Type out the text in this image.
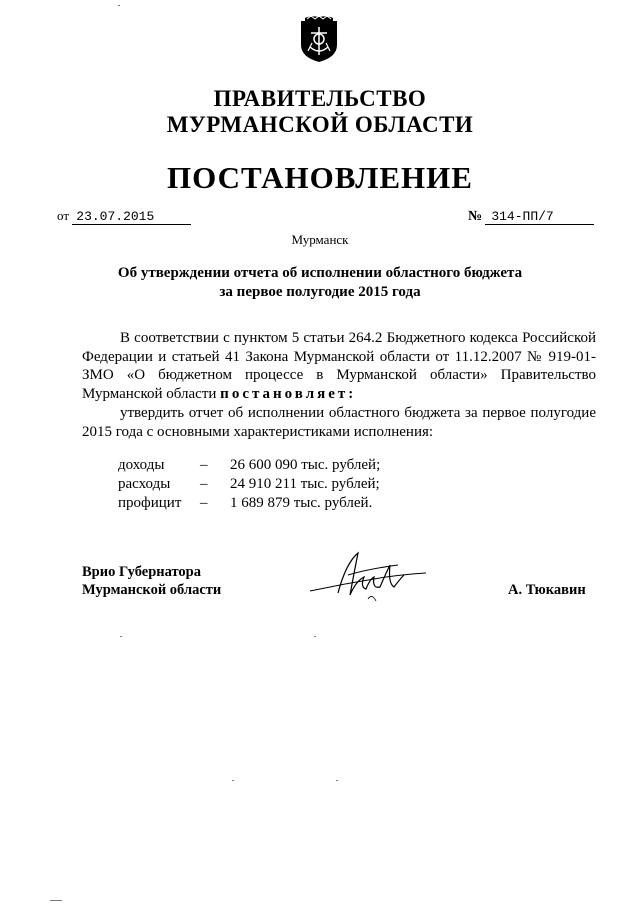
ПРАВИТЕЛЬСТВО
МУРМАНСКОЙ ОБЛАСТИ
ПОСТАНОВЛЕНИЕ
от 23.07.2015	№ 314-ПП/7
Мурманск
Об утверждении отчета об исполнении областного бюджета
за первое полугодие 2015 года
В соответствии с пунктом 5 статьи 264.2 Бюджетного кодекса Российской Федерации и статьей 41 Закона Мурманской области от 11.12.2007 № 919-01-ЗМО «О бюджетном процессе в Мурманской области» Правительство Мурманской области постановляет:
утвердить отчет об исполнении областного бюджета за первое полугодие 2015 года с основными характеристиками исполнения:
доходы – 26 600 090 тыс. рублей;
расходы – 24 910 211 тыс. рублей;
профицит – 1 689 879 тыс. рублей.
Врио Губернатора
Мурманской области	А. Тюкавин
